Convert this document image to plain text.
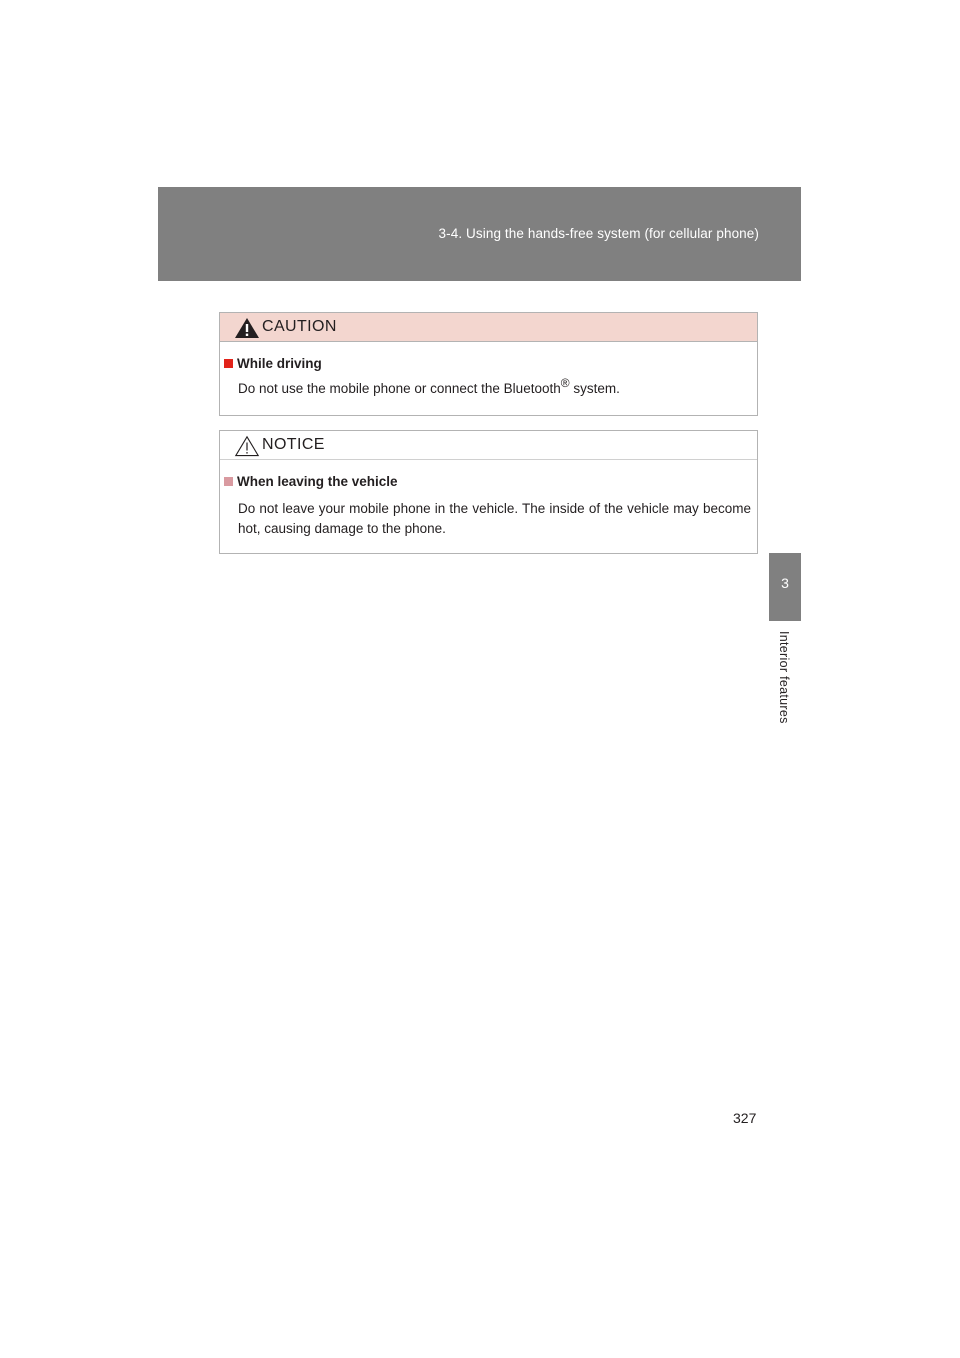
3-4. Using the hands-free system (for cellular phone)
3
Interior features
CAUTION
While driving
Do not use the mobile phone or connect the Bluetooth® system.
NOTICE
When leaving the vehicle
Do not leave your mobile phone in the vehicle. The inside of the vehicle may become hot, causing damage to the phone.
327
